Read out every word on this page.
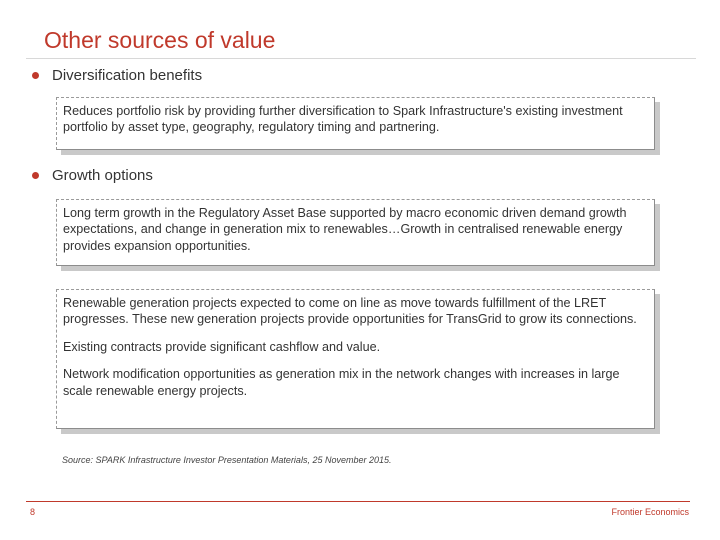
Other sources of value
Diversification benefits

Reduces portfolio risk by providing further diversification to Spark Infrastructure's existing investment portfolio by asset type, geography, regulatory timing and partnering.

Growth options

Long term growth in the Regulatory Asset Base supported by macro economic driven demand growth expectations, and change in generation mix to renewables…Growth in centralised renewable energy provides expansion opportunities.

Renewable generation projects expected to come on line as move towards fulfillment of the LRET progresses. These new generation projects provide opportunities for TransGrid to grow its connections.

Existing contracts provide significant cashflow and value.

Network modification opportunities as generation mix in the network changes with increases in large scale renewable energy projects.

Source: SPARK Infrastructure Investor Presentation Materials, 25 November 2015.
8	Frontier Economics
